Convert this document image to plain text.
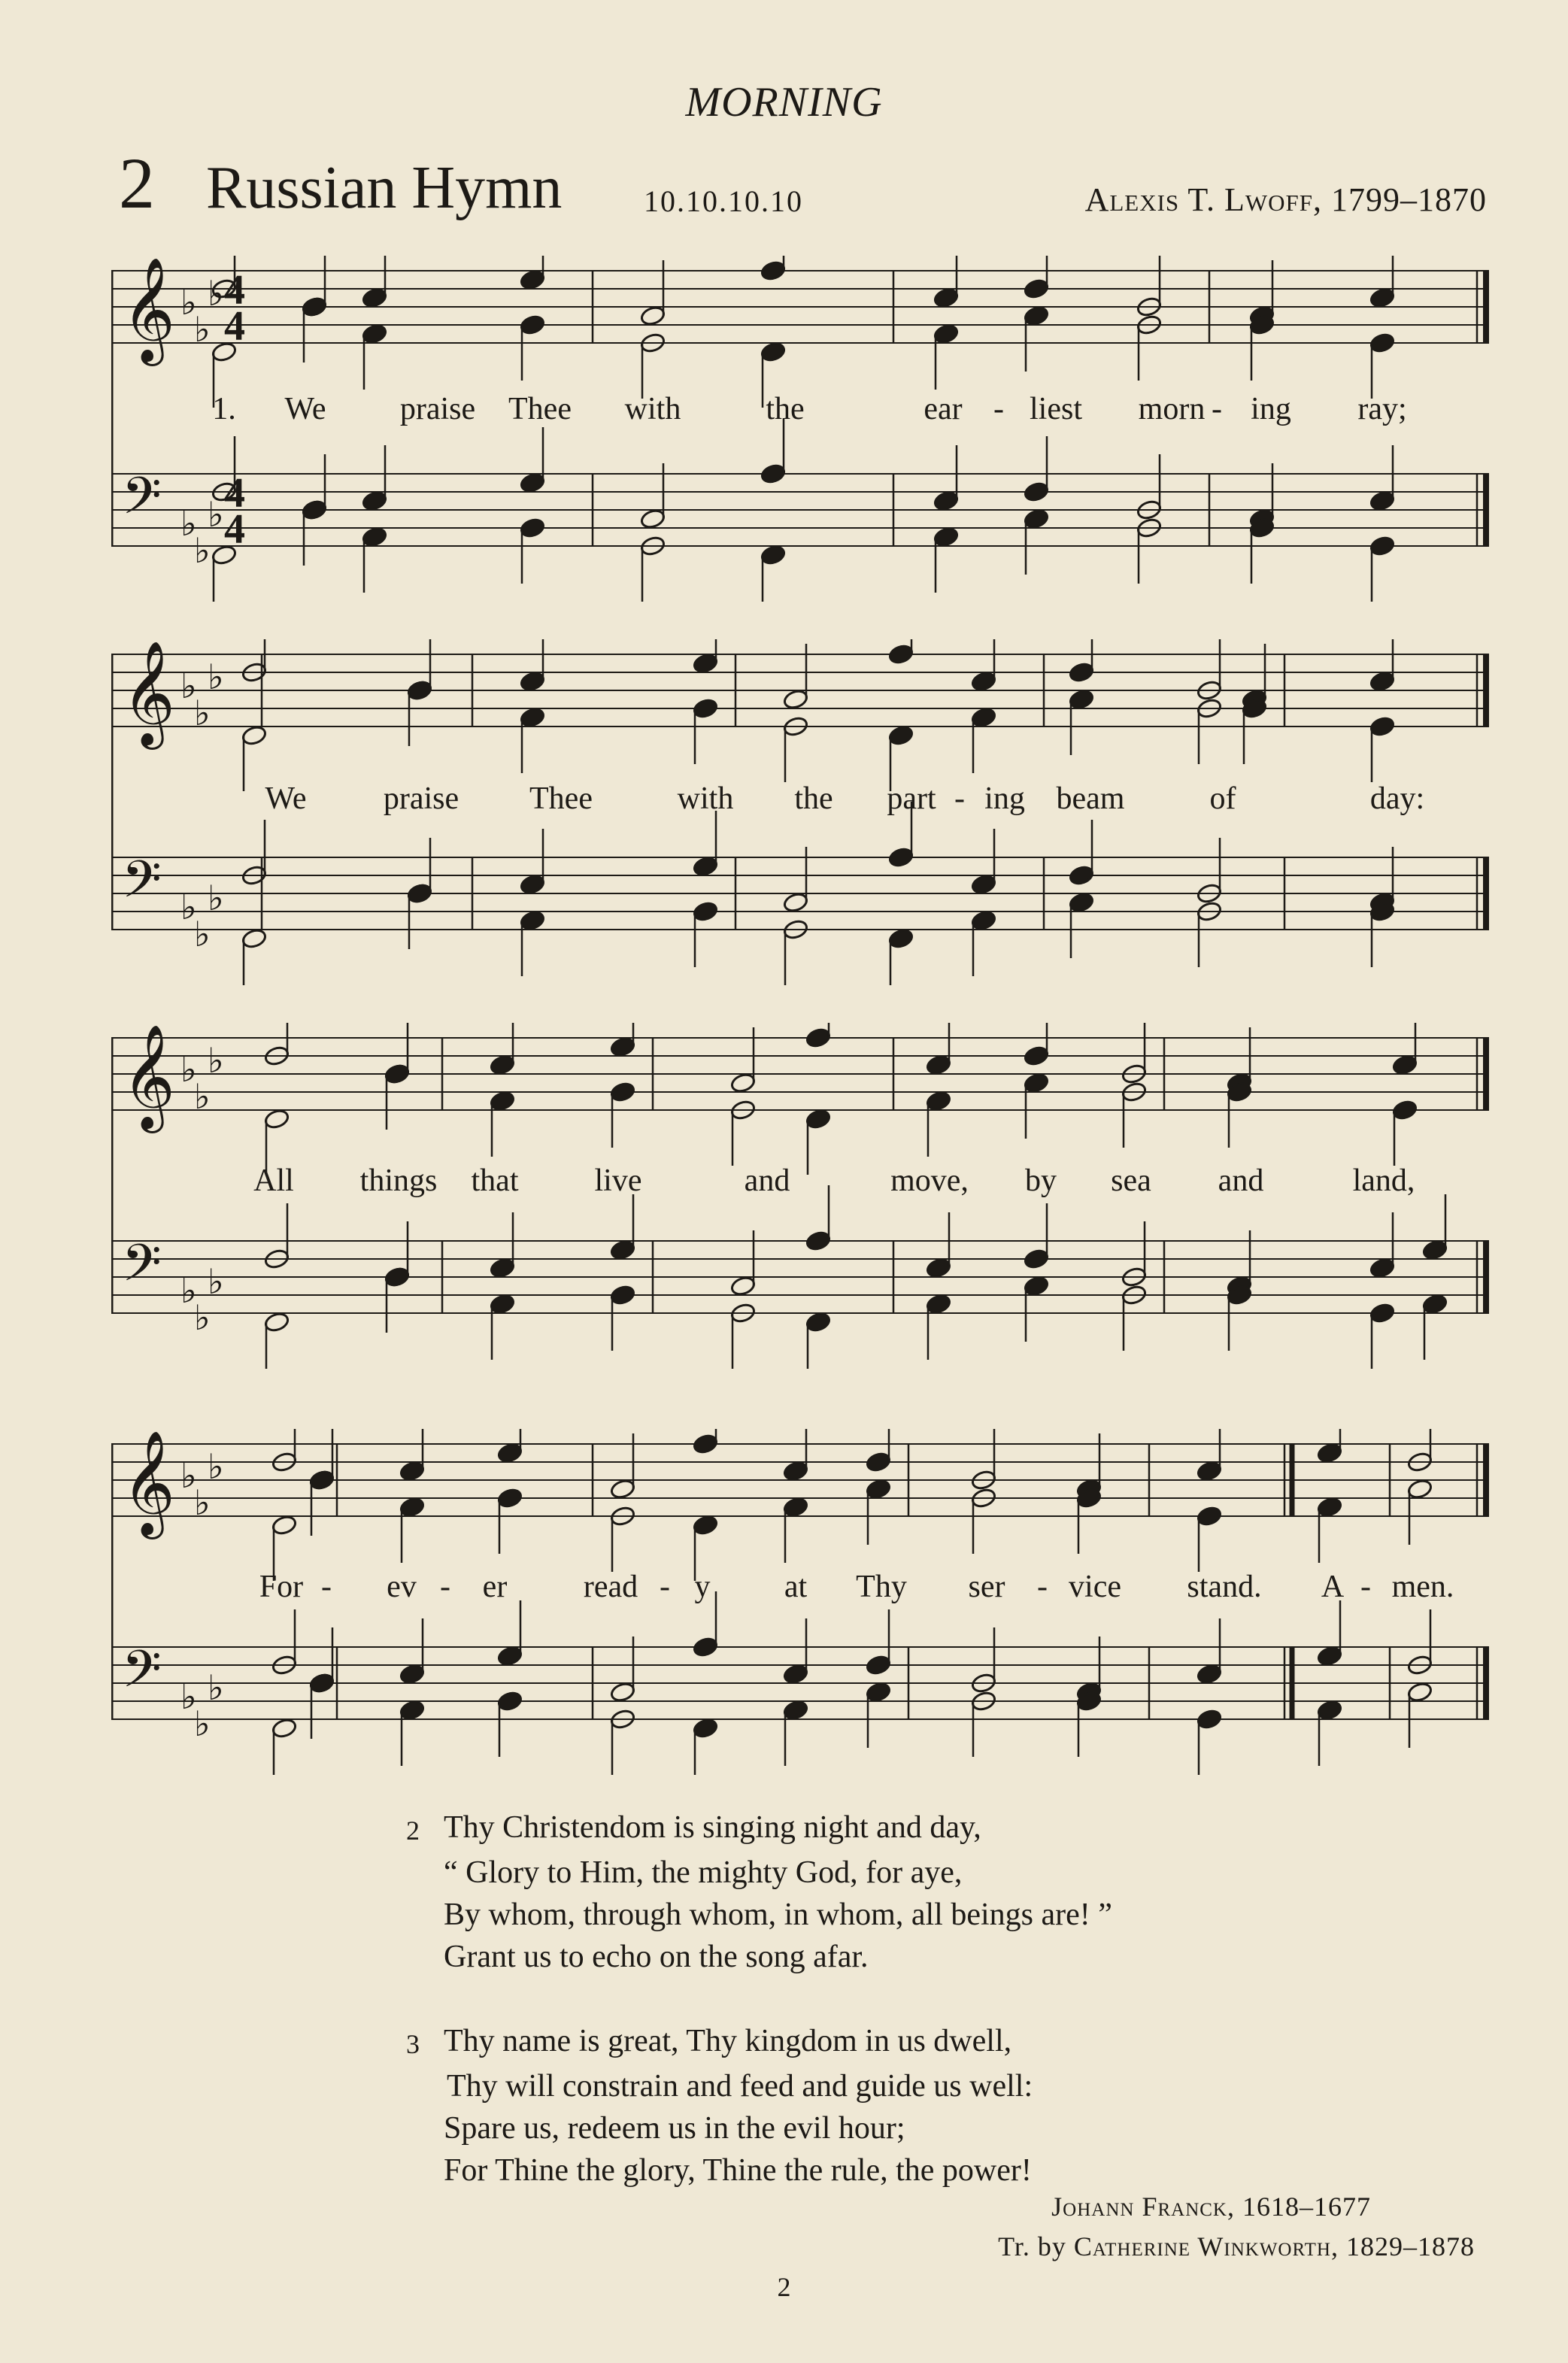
MORNING
2 Russian Hymn	10.10.10.10	Alexis T. Lwoff, 1799–1870
𝄞 ♭
♭
♭ 4
4
𝄢 ♭
♭
♭ 4
4
𝄞 ♭
♭
♭
𝄢 ♭
♭
♭
𝄞 ♭
♭
♭
𝄢 ♭
♭
♭
𝄞 ♭
♭
♭
𝄢 ♭
♭
♭
1. We praise Thee with	the	ear - liest morn - ing ray;
We praise Thee	with the part - ing beam	of	day:
All things that live	and	move, by sea and	land,
For - ev - er read - y at Thy ser - vice stand. A - men.
2 Thy Christendom is singing night and day,
“ Glory to Him, the mighty God, for aye,
By whom, through whom, in whom, all beings are! ”
Grant us to echo on the song afar.
3 Thy name is great, Thy kingdom in us dwell,
Thy will constrain and feed and guide us well:
Spare us, redeem us in the evil hour;
For Thine the glory, Thine the rule, the power!
Johann Franck, 1618–1677
Tr. by Catherine Winkworth, 1829–1878
2
